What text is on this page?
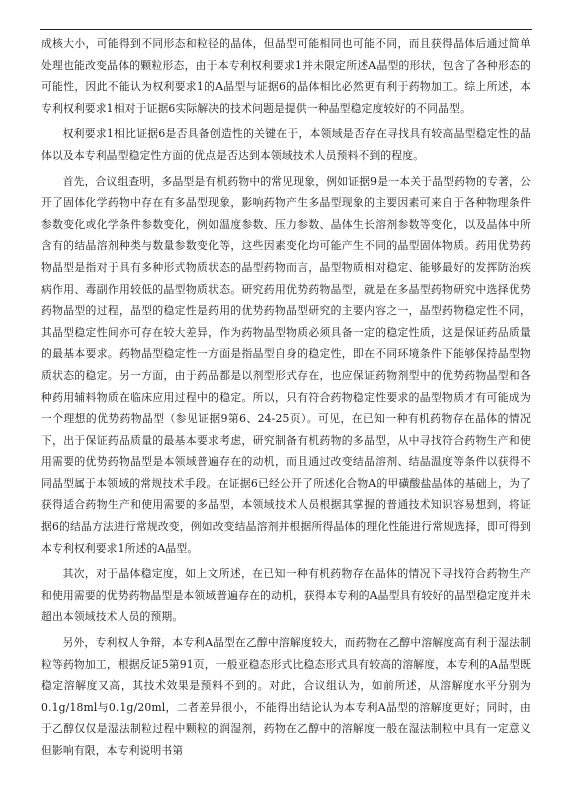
成核大小，可能得到不同形态和粒径的晶体，但晶型可能相同也可能不同，而且获得晶体后通过简单处理也能改变晶体的颗粒形态，由于本专利权利要求1并未限定所述A晶型的形状，包含了各种形态的可能性，因此不能认为权利要求1的A晶型与证据6的晶体相比必然更有利于药物加工。综上所述，本专利权利要求1相对于证据6实际解决的技术问题是提供一种晶型稳定度较好的不同晶型。

权利要求1相比证据6是否具备创造性的关键在于，本领域是否存在寻找具有较高晶型稳定性的晶体以及本专利晶型稳定性方面的优点是否达到本领域技术人员预料不到的程度。

首先，合议组查明，多晶型是有机药物中的常见现象，例如证据9是一本关于晶型药物的专著，公开了固体化学药物中存在有多晶型现象，影响药物产生多晶型现象的主要因素可来自于各种物理条件参数变化或化学条件参数变化，例如温度参数、压力参数、晶体生长溶剂参数等变化，以及晶体中所含有的结晶溶剂种类与数量参数变化等，这些因素变化均可能产生不同的晶型固体物质。药用优势药物晶型是指对于具有多种形式物质状态的晶型药物而言，晶型物质相对稳定、能够最好的发挥防治疾病作用、毒副作用较低的晶型物质状态。研究药用优势药物晶型，就是在多晶型药物研究中选择优势药物晶型的过程，晶型的稳定性是药用的优势药物晶型研究的主要内容之一，晶型药物稳定性不同，其晶型稳定性间亦可存在较大差异，作为药物晶型物质必须具备一定的稳定性质，这是保证药品质量的最基本要求。药物晶型稳定性一方面是指晶型自身的稳定性，即在不同环境条件下能够保持晶型物质状态的稳定。另一方面，由于药品都是以剂型形式存在，也应保证药物剂型中的优势药物晶型和各种药用辅料物质在临床应用过程中的稳定。所以，只有符合药物稳定性要求的晶型物质才有可能成为一个理想的优势药物晶型（参见证据9第6、24-25页）。可见，在已知一种有机药物存在晶体的情况下，出于保证药品质量的最基本要求考虑，研究制备有机药物的多晶型，从中寻找符合药物生产和使用需要的优势药物晶型是本领域普遍存在的动机，而且通过改变结晶溶剂、结晶温度等条件以获得不同晶型属于本领域的常规技术手段。在证据6已经公开了所述化合物A的甲磺酸盐晶体的基础上，为了获得适合药物生产和使用需要的多晶型，本领域技术人员根据其掌握的普通技术知识容易想到，将证据6的结晶方法进行常规改变，例如改变结晶溶剂并根据所得晶体的理化性能进行常规选择，即可得到本专利权利要求1所述的A晶型。

其次，对于晶体稳定度，如上文所述，在已知一种有机药物存在晶体的情况下寻找符合药物生产和使用需要的优势药物晶型是本领域普遍存在的动机，获得本专利的A晶型具有较好的晶型稳定度并未超出本领域技术人员的预期。

另外，专利权人争辩，本专利A晶型在乙醇中溶解度较大，而药物在乙醇中溶解度高有利于湿法制粒等药物加工，根据反证5第91页，一般亚稳态形式比稳态形式具有较高的溶解度，本专利的A晶型既稳定溶解度又高，其技术效果是预料不到的。对此，合议组认为，如前所述，从溶解度水平分别为0.1g/18ml与0.1g/20ml，二者差异很小，不能得出结论认为本专利A晶型的溶解度更好；同时，由于乙醇仅仅是湿法制粒过程中颗粒的润湿剂，药物在乙醇中的溶解度一般在湿法制粒中具有一定意义但影响有限，本专利说明书第
